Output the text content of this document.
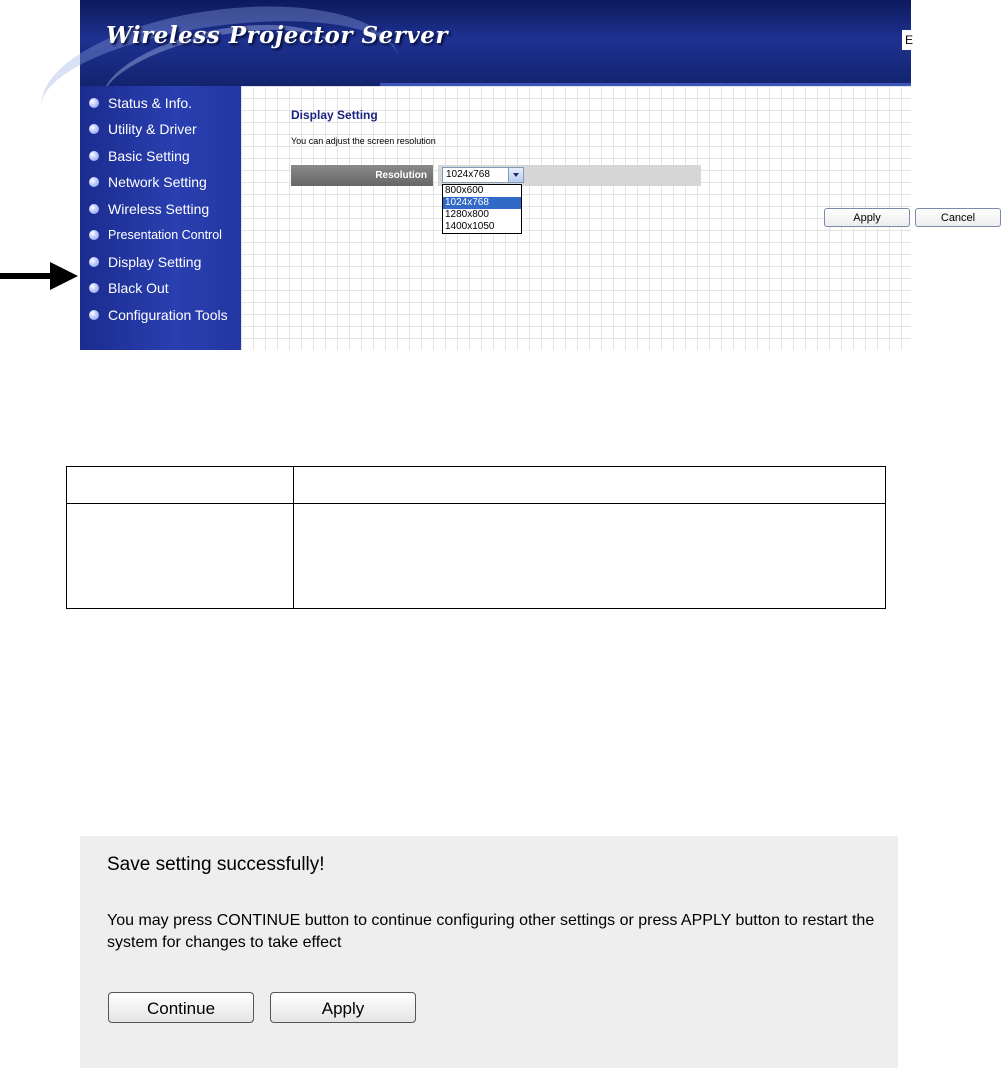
Wireless Projector Server	E
Status & Info.
Utility & Driver
Basic Setting
Network Setting
Wireless Setting
Presentation Control
Display Setting
Black Out
Configuration Tools
Display Setting
You can adjust the screen resolution
Resolution	1024x768
800x600
1024x768
1280x800
1400x1050
Apply	Cancel

Save setting successfully!
You may press CONTINUE button to continue configuring other settings or press APPLY button to restart the system for changes to take effect
Continue	Apply
